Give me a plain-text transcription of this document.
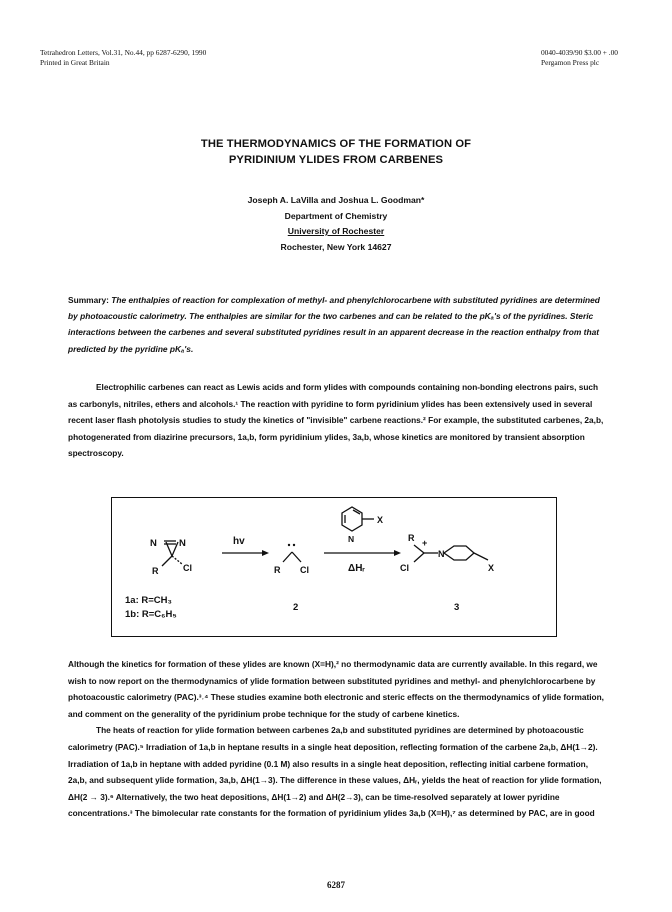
Tetrahedron Letters, Vol.31, No.44, pp 6287-6290, 1990
Printed in Great Britain
0040-4039/90 $3.00 + .00
Pergamon Press plc
THE THERMODYNAMICS OF THE FORMATION OF
PYRIDINIUM YLIDES FROM CARBENES
Joseph A. LaVilla and Joshua L. Goodman*
Department of Chemistry
University of Rochester
Rochester, New York 14627
Summary: The enthalpies of reaction for complexation of methyl- and phenylchlorocarbene with substituted pyridines are determined by photoacoustic calorimetry. The enthalpies are similar for the two carbenes and can be related to the pKₐ's of the pyridines. Steric interactions between the carbenes and several substituted pyridines result in an apparent decrease in the reaction enthalpy from that predicted by the pyridine pKₐ's.
Electrophilic carbenes can react as Lewis acids and form ylides with compounds containing non-bonding electrons pairs, such as carbonyls, nitriles, ethers and alcohols.¹ The reaction with pyridine to form pyridinium ylides has been extensively used in several recent laser flash photolysis studies to study the kinetics of "invisible" carbene reactions.² For example, the substituted carbenes, 2a,b, photogenerated from diazirine precursors, 1a,b, form pyridinium ylides, 3a,b, whose kinetics are monitored by transient absorption spectroscopy.
N N
R	Cl
hv
R Cl
X
N
ΔHᵣ
R +
Cl
N
X
1a: R=CH₃
1b: R=C₆H₅
2	3
Although the kinetics for formation of these ylides are known (X=H),² no thermodynamic data are currently available. In this regard, we wish to now report on the thermodynamics of ylide formation between substituted pyridines and methyl- and phenylchlorocarbene by photoacoustic calorimetry (PAC).³˒⁴ These studies examine both electronic and steric effects on the thermodynamics of ylide formation, and comment on the generality of the pyridinium probe technique for the study of carbene kinetics.
The heats of reaction for ylide formation between carbenes 2a,b and substituted pyridines are determined by photoacoustic calorimetry (PAC).⁵ Irradiation of 1a,b in heptane results in a single heat deposition, reflecting formation of the carbene 2a,b, ΔH(1→2). Irradiation of 1a,b in heptane with added pyridine (0.1 M) also results in a single heat deposition, reflecting initial carbene formation, 2a,b, and subsequent ylide formation, 3a,b, ΔH(1→3). The difference in these values, ΔHᵣ, yields the heat of reaction for ylide formation, ΔH(2 → 3).⁶ Alternatively, the two heat depositions, ΔH(1→2) and ΔH(2→3), can be time-resolved separately at lower pyridine concentrations.³ The bimolecular rate constants for the formation of pyridinium ylides 3a,b (X=H),⁷ as determined by PAC, are in good
6287
